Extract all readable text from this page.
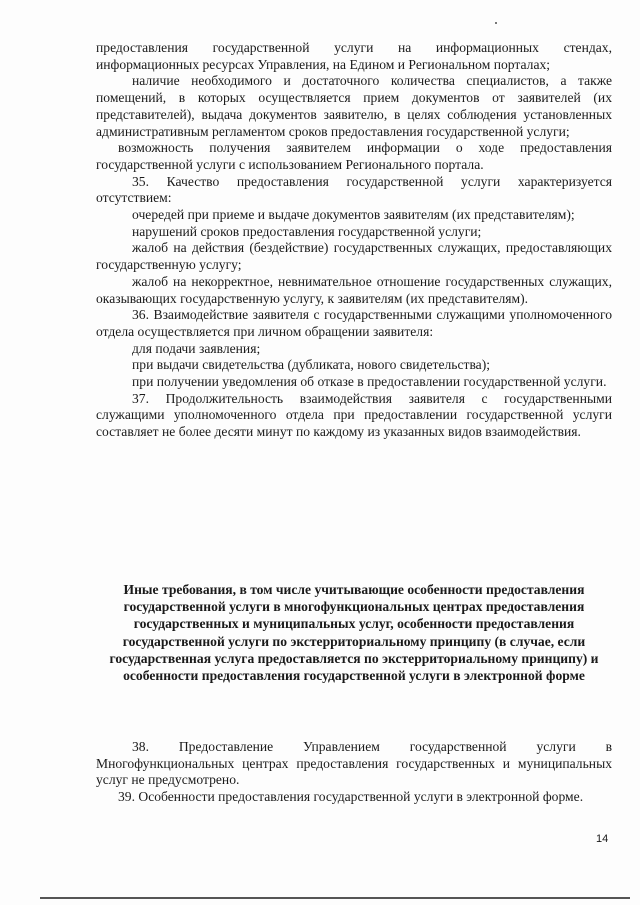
предоставления государственной услуги на информационных стендах, информационных ресурсах Управления, на Едином и Региональном порталах;

наличие необходимого и достаточного количества специалистов, а также помещений, в которых осуществляется прием документов от заявителей (их представителей), выдача документов заявителю, в целях соблюдения установленных административным регламентом сроков предоставления государственной услуги;

возможность получения заявителем информации о ходе предоставления государственной услуги с использованием Регионального портала.

35. Качество предоставления государственной услуги характеризуется отсутствием:

очередей при приеме и выдаче документов заявителям (их представителям);

нарушений сроков предоставления государственной услуги;

жалоб на действия (бездействие) государственных служащих, предоставляющих государственную услугу;

жалоб на некорректное, невнимательное отношение государственных служащих, оказывающих государственную услугу, к заявителям (их представителям).

36. Взаимодействие заявителя с государственными служащими уполномоченного отдела осуществляется при личном обращении заявителя:

для подачи заявления;

при выдачи свидетельства (дубликата, нового свидетельства);

при получении уведомления об отказе в предоставлении государственной услуги.

37. Продолжительность взаимодействия заявителя с государственными служащими уполномоченного отдела при предоставлении государственной услуги составляет не более десяти минут по каждому из указанных видов взаимодействия.

Иные требования, в том числе учитывающие особенности предоставления государственной услуги в многофункциональных центрах предоставления государственных и муниципальных услуг, особенности предоставления государственной услуги по экстерриториальному принципу (в случае, если государственная услуга предоставляется по экстерриториальному принципу) и особенности предоставления государственной услуги в электронной форме

38. Предоставление Управлением государственной услуги в Многофункциональных центрах предоставления государственных и муниципальных услуг не предусмотрено.

39. Особенности предоставления государственной услуги в электронной форме.

14
